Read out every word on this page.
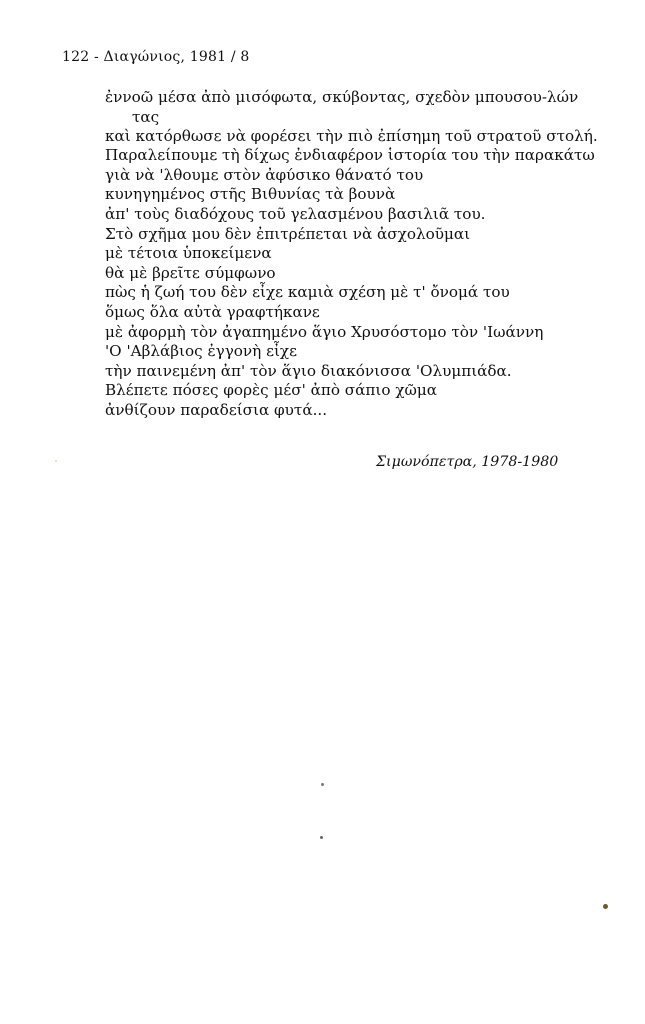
122 - Διαγώνιος, 1981 / 8
ἐννοῶ μέσα ἀπὸ μισόφωτα, σκύβοντας, σχεδὸν μπουσου-λών
τας
καὶ κατόρθωσε νὰ φορέσει τὴν πιὸ ἐπίσημη τοῦ στρατοῦ στολή.
Παραλείπουμε τὴ δίχως ἐνδιαφέρον ἱστορία του τὴν παρακάτω
γιὰ νὰ 'λθουμε στὸν ἀφύσικο θάνατό του
κυνηγημένος στῆς Βιθυνίας τὰ βουνὰ
ἀπ' τοὺς διαδόχους τοῦ γελασμένου βασιλιᾶ του.
Στὸ σχῆμα μου δὲν ἐπιτρέπεται νὰ ἀσχολοῦμαι
μὲ τέτοια ὑποκείμενα
θὰ μὲ βρεῖτε σύμφωνο
πὼς ἡ ζωή του δὲν εἶχε καμιὰ σχέση μὲ τ' ὄνομά του
ὅμως ὅλα αὐτὰ γραφτήκανε
μὲ ἀφορμὴ τὸν ἀγαπημένο ἅγιο Χρυσόστομο τὸν 'Ιωάννη
'Ο 'Αβλάβιος ἐγγονὴ εἶχε
τὴν παινεμένη ἀπ' τὸν ἅγιο διακόνισσα 'Ολυμπιάδα.
Βλέπετε πόσες φορὲς μέσ' ἀπὸ σάπιο χῶμα
ἀνθίζουν παραδείσια φυτά...
Σιμωνόπετρα, 1978-1980
